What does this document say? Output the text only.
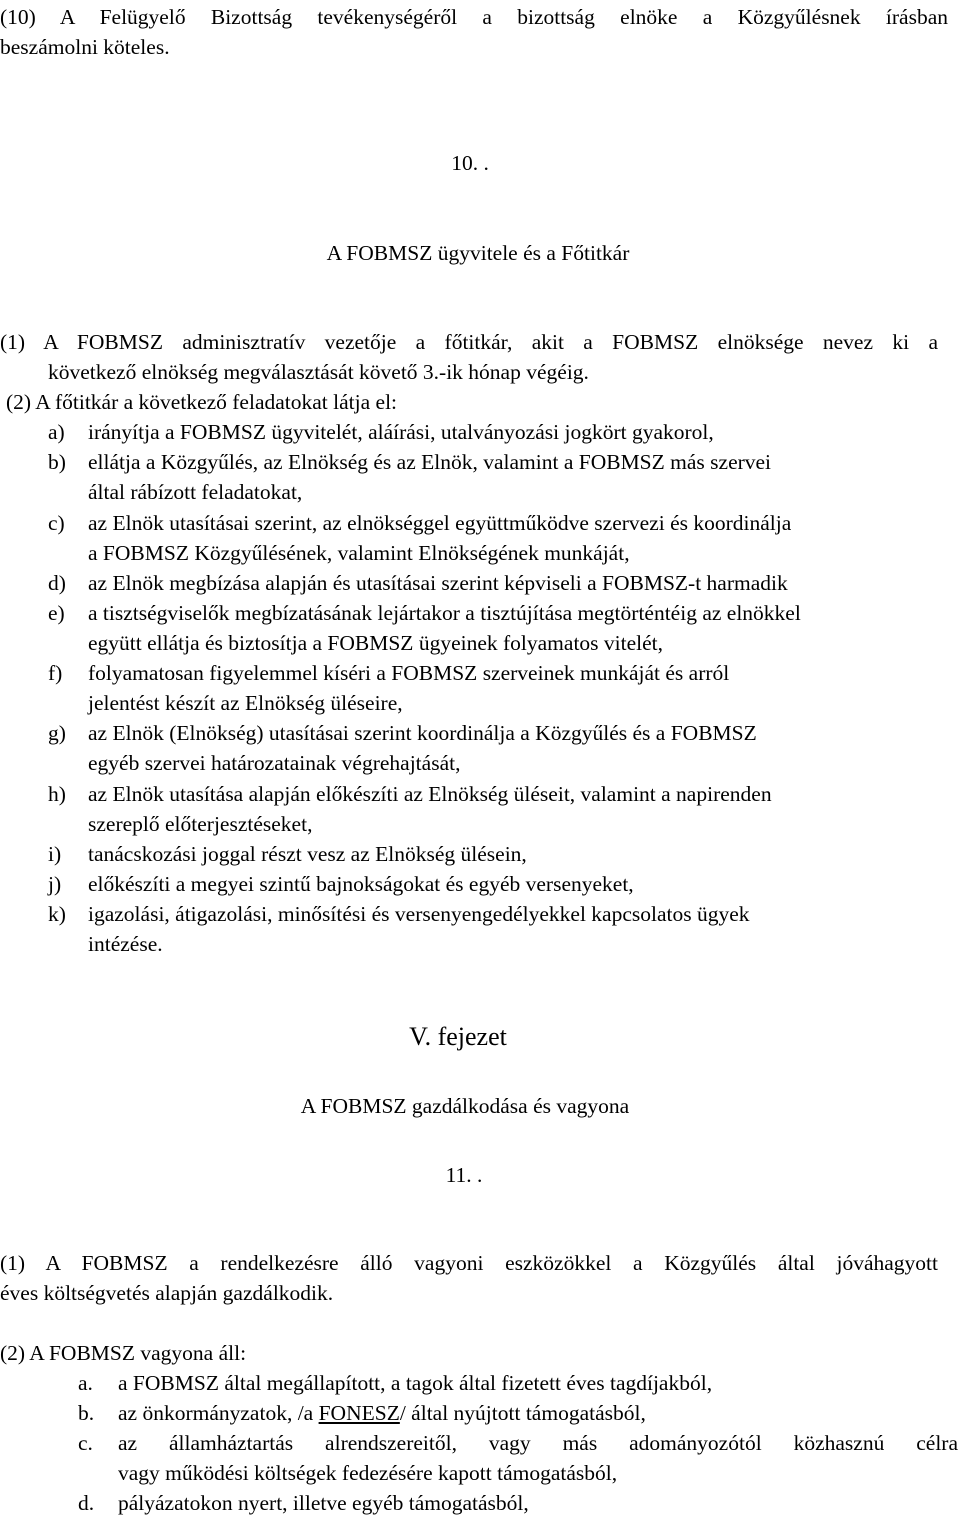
(10) A Felügyelő Bizottság tevékenységéről a bizottság elnöke a Közgyűlésnek írásban
beszámolni köteles.
10. .
A FOBMSZ ügyvitele és a Főtitkár
(1) A FOBMSZ adminisztratív vezetője a főtitkár, akit a FOBMSZ elnöksége nevez ki a
következő elnökség megválasztását követő 3.-ik hónap végéig.
(2) A főtitkár a következő feladatokat látja el:
a) irányítja a FOBMSZ ügyvitelét, aláírási, utalványozási jogkört gyakorol,
b) ellátja a Közgyűlés, az Elnökség és az Elnök, valamint a FOBMSZ más szervei
által rábízott feladatokat,
c) az Elnök utasításai szerint, az elnökséggel együttműködve szervezi és koordinálja
a FOBMSZ Közgyűlésének, valamint Elnökségének munkáját,
d) az Elnök megbízása alapján és utasításai szerint képviseli a FOBMSZ-t harmadik
e) a tisztségviselők megbízatásának lejártakor a tisztújítása megtörténtéig az elnökkel
együtt ellátja és biztosítja a FOBMSZ ügyeinek folyamatos vitelét,
f) folyamatosan figyelemmel kíséri a FOBMSZ szerveinek munkáját és arról
jelentést készít az Elnökség üléseire,
g) az Elnök (Elnökség) utasításai szerint koordinálja a Közgyűlés és a FOBMSZ
egyéb szervei határozatainak végrehajtását,
h) az Elnök utasítása alapján előkészíti az Elnökség üléseit, valamint a napirenden
szereplő előterjesztéseket,
i) tanácskozási joggal részt vesz az Elnökség ülésein,
j) előkészíti a megyei szintű bajnokságokat és egyéb versenyeket,
k) igazolási, átigazolási, minősítési és versenyengedélyekkel kapcsolatos ügyek
intézése.
V. fejezet
A FOBMSZ gazdálkodása és vagyona
11. .
(1) A FOBMSZ a rendelkezésre álló vagyoni eszközökkel a Közgyűlés által jóváhagyott
éves költségvetés alapján gazdálkodik.
(2) A FOBMSZ vagyona áll:
a. a FOBMSZ által megállapított, a tagok által fizetett éves tagdíjakból,
b. az önkormányzatok, /a FONESZ/ által nyújtott támogatásból,
c. az államháztartás alrendszereitől, vagy más adományozótól közhasznú célra
vagy működési költségek fedezésére kapott támogatásból,
d. pályázatokon nyert, illetve egyéb támogatásból,
